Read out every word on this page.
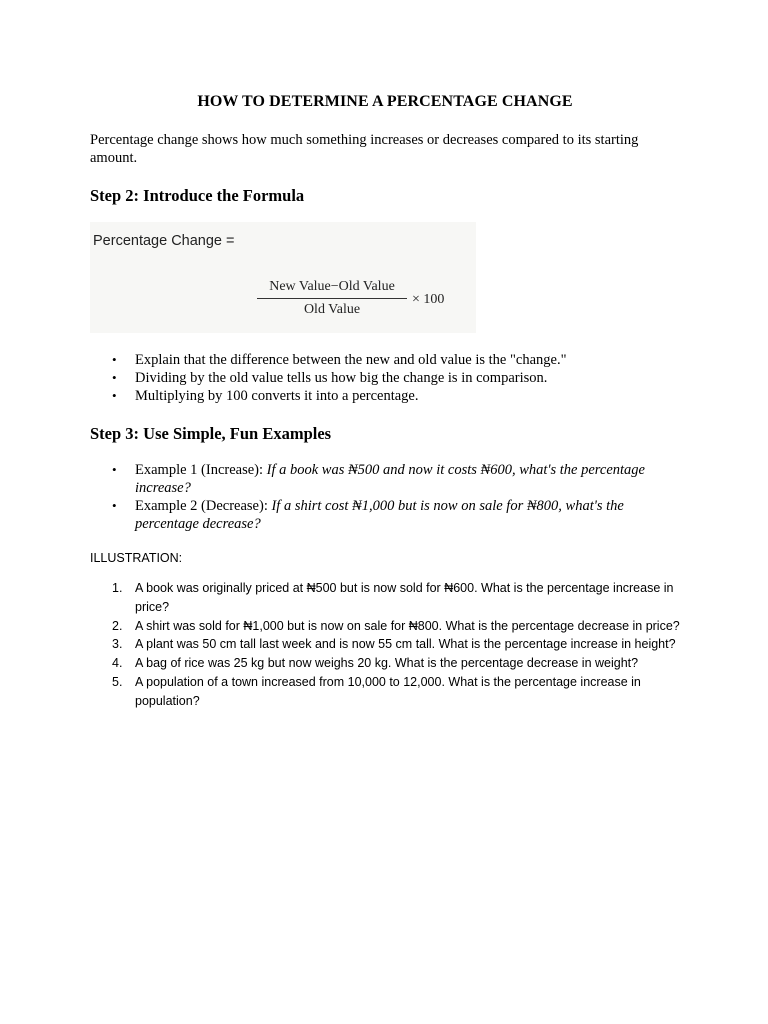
HOW TO DETERMINE A PERCENTAGE CHANGE
Percentage change shows how much something increases or decreases compared to its starting amount.
Step 2: Introduce the Formula
Percentage Change =
New Value−Old Value
Old Value
× 100
• Explain that the difference between the new and old value is the "change."
• Dividing by the old value tells us how big the change is in comparison.
• Multiplying by 100 converts it into a percentage.
Step 3: Use Simple, Fun Examples
• Example 1 (Increase): If a book was ₦500 and now it costs ₦600, what's the percentage increase?
• Example 2 (Decrease): If a shirt cost ₦1,000 but is now on sale for ₦800, what's the percentage decrease?
ILLUSTRATION:
1. A book was originally priced at ₦500 but is now sold for ₦600. What is the percentage increase in price?
2. A shirt was sold for ₦1,000 but is now on sale for ₦800. What is the percentage decrease in price?
3. A plant was 50 cm tall last week and is now 55 cm tall. What is the percentage increase in height?
4. A bag of rice was 25 kg but now weighs 20 kg. What is the percentage decrease in weight?
5. A population of a town increased from 10,000 to 12,000. What is the percentage increase in population?
